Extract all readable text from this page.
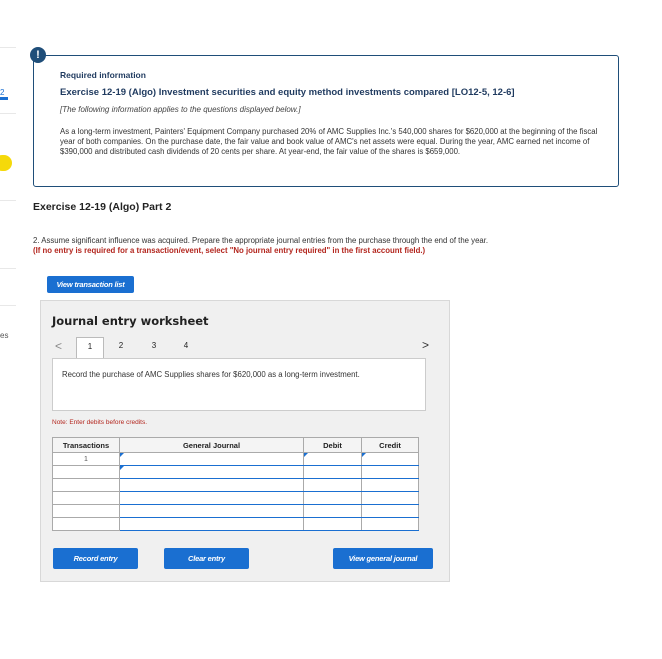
2
es
!
Required information
Exercise 12-19 (Algo) Investment securities and equity method investments compared [LO12-5, 12-6]
[The following information applies to the questions displayed below.]
As a long-term investment, Painters' Equipment Company purchased 20% of AMC Supplies Inc.'s 540,000 shares for $620,000 at the beginning of the fiscal year of both companies. On the purchase date, the fair value and book value of AMC's net assets were equal. During the year, AMC earned net income of $390,000 and distributed cash dividends of 20 cents per share. At year-end, the fair value of the shares is $659,000.
Exercise 12-19 (Algo) Part 2
2. Assume significant influence was acquired. Prepare the appropriate journal entries from the purchase through the end of the year.
(If no entry is required for a transaction/event, select "No journal entry required" in the first account field.)
View transaction list
Journal entry worksheet
<	1	2	3	4	>
Record the purchase of AMC Supplies shares for $620,000 as a long-term investment.
Note: Enter debits before credits.
Transactions	General Journal	Debit	Credit
1	

Record entry	Clear entry	View general journal
